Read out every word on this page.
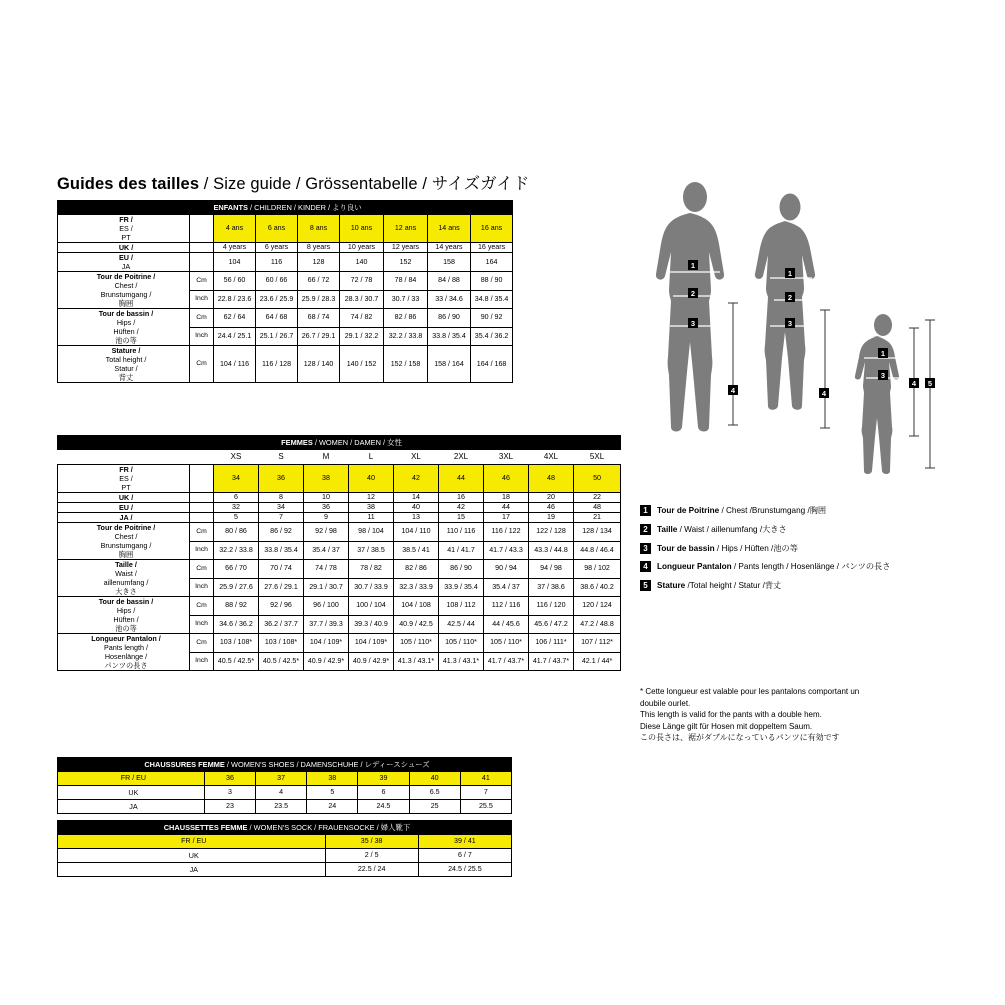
Guides des tailles / Size guide / Grössentabelle / サイズガイド
ENFANTS / CHILDREN / KINDER / より良い								
FR /
ES /
PT		4 ans	6 ans	8 ans	10 ans	12 ans	14 ans	16 ans
UK /		4 years	6 years	8 years	10 years	12 years	14 years	16 years
EU /
JA		104	116	128	140	152	158	164
Tour de Poitrine /
Chest /
Brunstumgang /
胸囲	Cm	56 / 60	60 / 66	66 / 72	72 / 78	78 / 84	84 / 88	88 / 90
	Inch	22.8 / 23.6	23.6 / 25.9	25.9 / 28.3	28.3 / 30.7	30.7 / 33	33 / 34.6	34.8 / 35.4
Tour de bassin /
Hips /
Hüften /
池の等	Cm	62 / 64	64 / 68	68 / 74	74 / 82	82 / 86	86 / 90	90 / 92
	Inch	24.4 / 25.1	25.1 / 26.7	26.7 / 29.1	29.1 / 32.2	32.2 / 33.8	33.8 / 35.4	35.4 / 36.2
Stature /
Total height /
Statur /
背丈	Cm	104 / 116	116 / 128	128 / 140	140 / 152	152 / 158	158 / 164	164 / 168
FEMMES / WOMEN / DAMEN / 女性										
		XS	S	M	L	XL	2XL	3XL	4XL	5XL
FR /
ES /
PT		34	36	38	40	42	44	46	48	50
UK /		6	8	10	12	14	16	18	20	22
EU /		32	34	36	38	40	42	44	46	48
JA /		5	7	9	11	13	15	17	19	21
Tour de Poitrine /
Chest /
Brunstumgang /
胸囲	Cm	80 / 86	86 / 92	92 / 98	98 / 104	104 / 110	110 / 116	116 / 122	122 / 128	128 / 134
	Inch	32.2 / 33.8	33.8 / 35.4	35.4 / 37	37 / 38.5	38.5 / 41	41 / 41.7	41.7 / 43.3	43.3 / 44.8	44.8 / 46.4
Taille /
Waist /
aillenumfang /
大きさ	Cm	66 / 70	70 / 74	74 / 78	78 / 82	82 / 86	86 / 90	90 / 94	94 / 98	98 / 102
	Inch	25.9 / 27.6	27.6 / 29.1	29.1 / 30.7	30.7 / 33.9	32.3 / 33.9	33.9 / 35.4	35.4 / 37	37 / 38.6	38.6 / 40.2
Tour de bassin /
Hips /
Hüften /
池の等	Cm	88 / 92	92 / 96	96 / 100	100 / 104	104 / 108	108 / 112	112 / 116	116 / 120	120 / 124
	Inch	34.6 / 36.2	36.2 / 37.7	37.7 / 39.3	39.3 / 40.9	40.9 / 42.5	42.5 / 44	44 / 45.6	45.6 / 47.2	47.2 / 48.8
Longueur Pantalon /
Pants length /
Hosenlänge /
パンツの長さ	Cm	103 / 108*	103 / 108*	104 / 109*	104 / 109*	105 / 110*	105 / 110*	105 / 110*	106 / 111*	107 / 112*
	Inch	40.5 / 42.5*	40.5 / 42.5*	40.9 / 42.9*	40.9 / 42.9*	41.3 / 43.1*	41.3 / 43.1*	41.7 / 43.7*	41.7 / 43.7*	42.1 / 44*
CHAUSSURES FEMME / WOMEN'S SHOES / DAMENSCHUHE / レディースシューズ						
FR / EU	36	37	38	39	40	41
UK	3	4	5	6	6.5	7
JA	23	23.5	24	24.5	25	25.5
CHAUSSETTES FEMME / WOMEN'S SOCK / FRAUENSOCKE / 婦人靴下		
FR / EU	35 / 38	39 / 41
UK	2 / 5	6 / 7
JA	22.5 / 24	24.5 / 25.5
1
2
3
4
1
2
3
4
1
3
4	5
1	Tour de Poitrine / Chest /Brunstumgang /胸囲
2	Taille / Waist / aillenumfang /大きさ
3	Tour de bassin / Hips / Hüften /池の等
4	Longueur Pantalon / Pants length / Hosenlänge / パンツの長さ
5	Stature /Total height / Statur /背丈
* Cette longueur est valable pour les pantalons comportant un
doubile ourlet.
This length is valid for the pants with a double hem.
Diese Länge gilt für Hosen mit doppeltem Saum.
この長さは、裾がダブルになっているパンツに有効です
